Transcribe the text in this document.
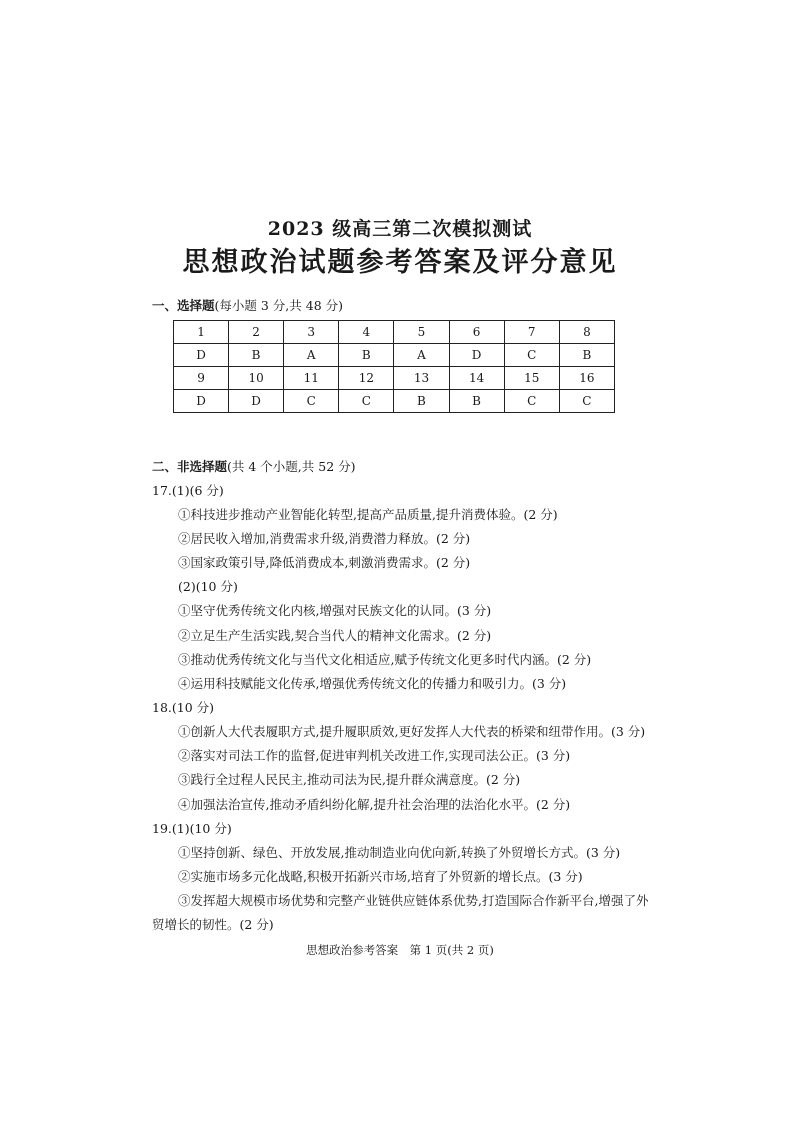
2023 级高三第二次模拟测试
思想政治试题参考答案及评分意见
一、选择题(每小题 3 分,共 48 分)
1	2	3	4	5	6	7	8
D	B	A	B	A	D	C	B
9	10	11	12	13	14	15	16
D	D	C	C	B	B	C	C
二、非选择题(共 4 个小题,共 52 分)
17.(1)(6 分)
①科技进步推动产业智能化转型,提高产品质量,提升消费体验。(2 分)
②居民收入增加,消费需求升级,消费潜力释放。(2 分)
③国家政策引导,降低消费成本,刺激消费需求。(2 分)
(2)(10 分)
①坚守优秀传统文化内核,增强对民族文化的认同。(3 分)
②立足生产生活实践,契合当代人的精神文化需求。(2 分)
③推动优秀传统文化与当代文化相适应,赋予传统文化更多时代内涵。(2 分)
④运用科技赋能文化传承,增强优秀传统文化的传播力和吸引力。(3 分)
18.(10 分)
①创新人大代表履职方式,提升履职质效,更好发挥人大代表的桥梁和纽带作用。(3 分)
②落实对司法工作的监督,促进审判机关改进工作,实现司法公正。(3 分)
③践行全过程人民民主,推动司法为民,提升群众满意度。(2 分)
④加强法治宣传,推动矛盾纠纷化解,提升社会治理的法治化水平。(2 分)
19.(1)(10 分)
①坚持创新、绿色、开放发展,推动制造业向优向新,转换了外贸增长方式。(3 分)
②实施市场多元化战略,积极开拓新兴市场,培育了外贸新的增长点。(3 分)
③发挥超大规模市场优势和完整产业链供应链体系优势,打造国际合作新平台,增强了外
贸增长的韧性。(2 分)
思想政治参考答案　第 1 页(共 2 页)
